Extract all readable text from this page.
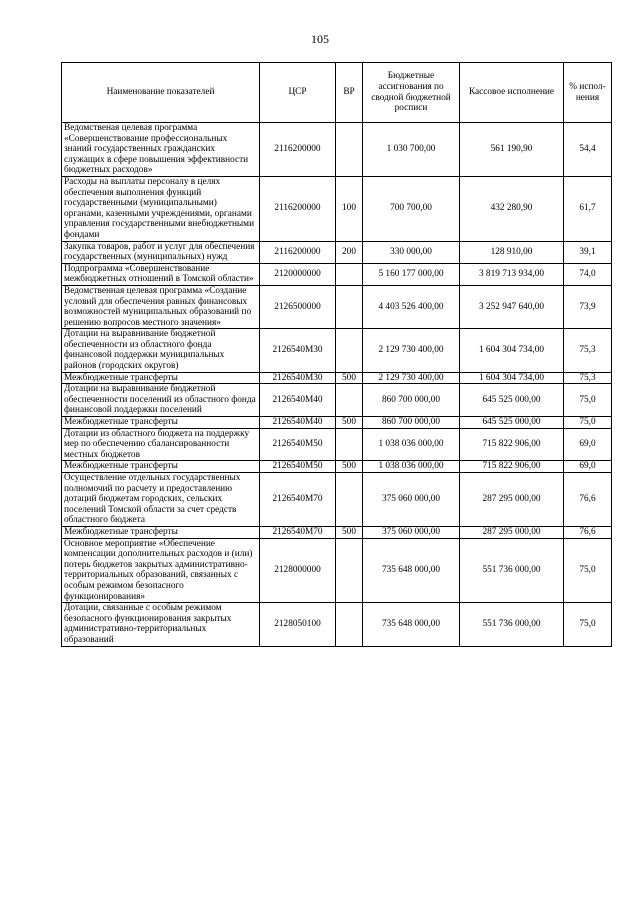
105
Наименование показателей	ЦСР	ВР	Бюджетные ассигнования по сводной бюджетной росписи	Кассовое исполнение	% испол-нения
Ведомственая целевая программа «Совершенствование профессиональных знаний государственных гражданских служащих в сфере повышения эффективности бюджетных расходов»	2116200000		1 030 700,00	561 190,90	54,4
Расходы на выплаты персоналу в целях обеспечения выполнения функций государственными (муниципальными) органами, казенными учреждениями, органами управления государственными внебюджетными фондами	2116200000	100	700 700,00	432 280,90	61,7
Закупка товаров, работ и услуг для обеспечения государственных (муниципальных) нужд	2116200000	200	330 000,00	128 910,00	39,1
Подпрограмма «Совершенствование межбюджетных отношений в Томской области»	2120000000		5 160 177 000,00	3 819 713 934,00	74,0
Ведомственная целевая программа «Создание условий для обеспечения равных финансовых возможностей муниципальных образований по решению вопросов местного значения»	2126500000		4 403 526 400,00	3 252 947 640,00	73,9
Дотации на выравнивание бюджетной обеспеченности из областного фонда финансовой поддержки муниципальных районов (городских округов)	2126540М30		2 129 730 400,00	1 604 304 734,00	75,3
Межбюджетные трансферты	2126540М30	500	2 129 730 400,00	1 604 304 734,00	75,3
Дотации на выравнивание бюджетной обеспеченности поселений из областного фонда финансовой поддержки поселений	2126540М40		860 700 000,00	645 525 000,00	75,0
Межбюджетные трансферты	2126540М40	500	860 700 000,00	645 525 000,00	75,0
Дотации из областного бюджета на поддержку мер по обеспечению сбалансированности местных бюджетов	2126540М50		1 038 036 000,00	715 822 906,00	69,0
Межбюджетные трансферты	2126540М50	500	1 038 036 000,00	715 822 906,00	69,0
Осуществление отдельных государственных полномочий по расчету и предоставлению дотаций бюджетам городских, сельских поселений Томской области за счет средств областного бюджета	2126540М70		375 060 000,00	287 295 000,00	76,6
Межбюджетные трансферты	2126540М70	500	375 060 000,00	287 295 000,00	76,6
Основное мероприятие «Обеспечение компенсации дополнительных расходов и (или) потерь бюджетов закрытых административно-территориальных образований, связанных с особым режимом безопасного функционирования»	2128000000		735 648 000,00	551 736 000,00	75,0
Дотации, связанные с особым режимом безопасного функционирования закрытых административно-территориальных образований	2128050100		735 648 000,00	551 736 000,00	75,0
